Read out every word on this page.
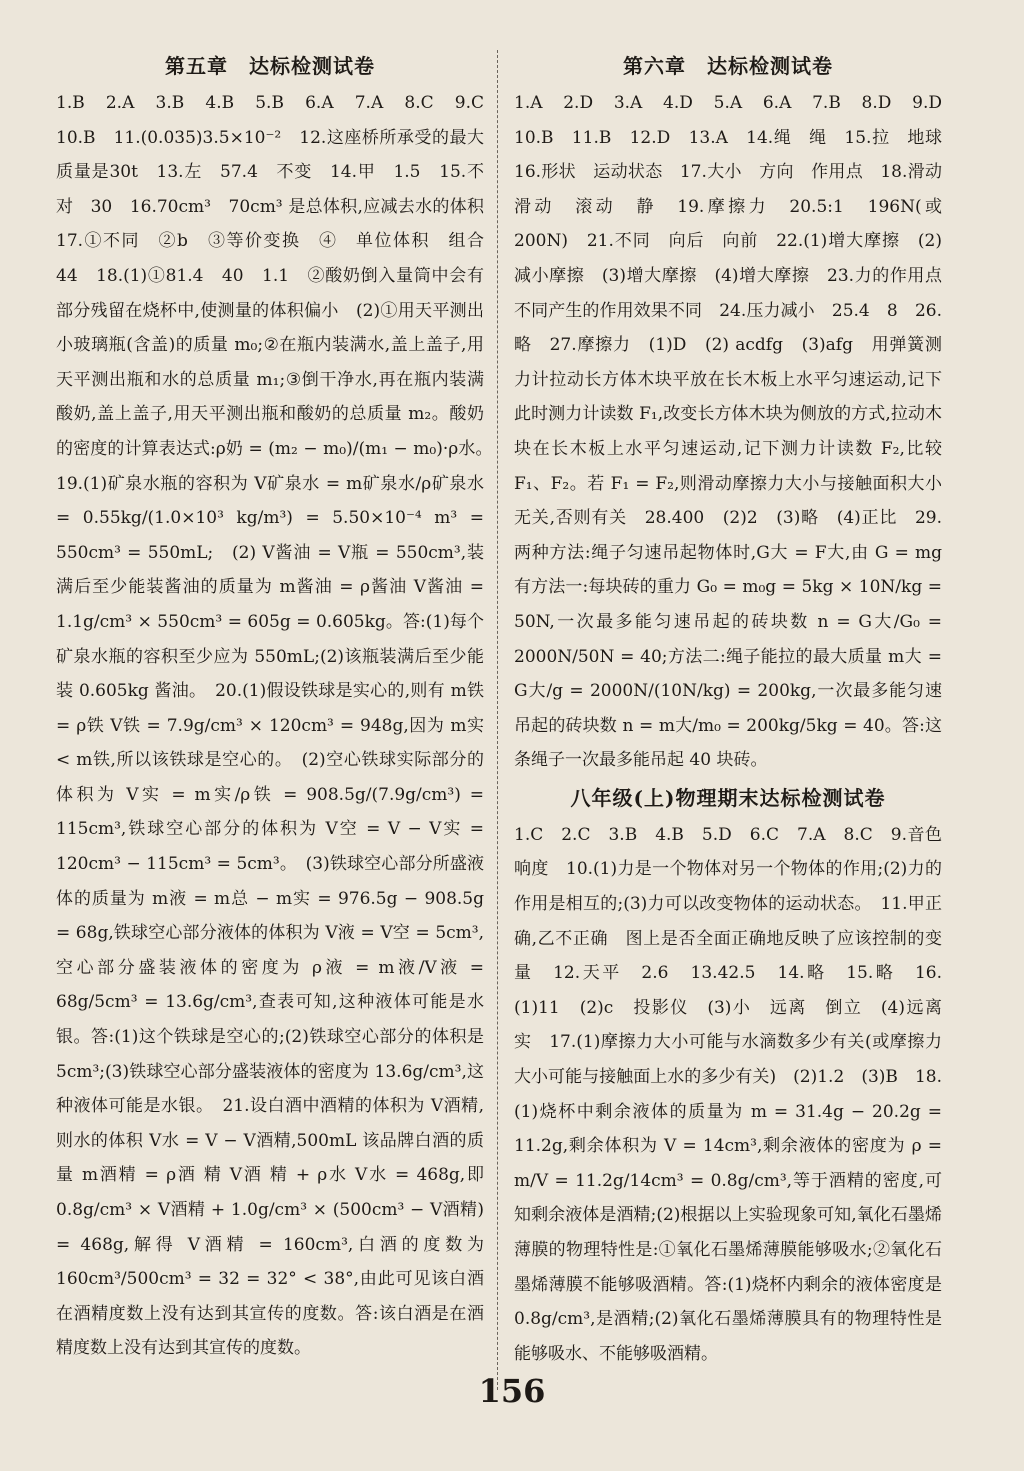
第五章　达标检测试卷

1.B　2.A　3.B　4.B　5.B　6.A　7.A　8.C　9.C　10.B　11.(0.035)3.5×10⁻²　12.这座桥所承受的最大质量是30t　13.左　57.4　不变　14.甲　1.5　15.不对　30　16.70cm³　70cm³ 是总体积,应减去水的体积　17.①不同　②b　③等价变换　④　单位体积　组合　44　18.(1)①81.4　40　1.1　②酸奶倒入量筒中会有部分残留在烧杯中,使测量的体积偏小　(2)①用天平测出小玻璃瓶(含盖)的质量 m₀;②在瓶内装满水,盖上盖子,用天平测出瓶和水的总质量 m₁;③倒干净水,再在瓶内装满酸奶,盖上盖子,用天平测出瓶和酸奶的总质量 m₂。酸奶的密度的计算表达式:ρ奶 = (m₂ − m₀)/(m₁ − m₀)·ρ水。　19.(1)矿泉水瓶的容积为 V矿泉水 = m矿泉水/ρ矿泉水 = 0.55kg/(1.0×10³ kg/m³) = 5.50×10⁻⁴ m³ = 550cm³ = 550mL;　(2) V酱油 = V瓶 = 550cm³,装满后至少能装酱油的质量为 m酱油 = ρ酱油 V酱油 = 1.1g/cm³ × 550cm³ = 605g = 0.605kg。答:(1)每个矿泉水瓶的容积至少应为 550mL;(2)该瓶装满后至少能装 0.605kg 酱油。　20.(1)假设铁球是实心的,则有 m铁 = ρ铁 V铁 = 7.9g/cm³ × 120cm³ = 948g,因为 m实 < m铁,所以该铁球是空心的。　(2)空心铁球实际部分的体积为 V实 = m实/ρ铁 = 908.5g/(7.9g/cm³) = 115cm³,铁球空心部分的体积为 V空 = V − V实 = 120cm³ − 115cm³ = 5cm³。　(3)铁球空心部分所盛液体的质量为 m液 = m总 − m实 = 976.5g − 908.5g = 68g,铁球空心部分液体的体积为 V液 = V空 = 5cm³,空心部分盛装液体的密度为 ρ液 = m液/V液 = 68g/5cm³ = 13.6g/cm³,查表可知,这种液体可能是水银。答:(1)这个铁球是空心的;(2)铁球空心部分的体积是 5cm³;(3)铁球空心部分盛装液体的密度为 13.6g/cm³,这种液体可能是水银。　21.设白酒中酒精的体积为 V酒精,则水的体积 V水 = V − V酒精,500mL 该品牌白酒的质量 m酒精 = ρ酒 精 V酒 精 + ρ水 V水 = 468g,即 0.8g/cm³ × V酒精 + 1.0g/cm³ × (500cm³ − V酒精) = 468g,解得 V酒精 = 160cm³,白酒的度数为 160cm³/500cm³ = 32 = 32° < 38°,由此可见该白酒在酒精度数上没有达到其宣传的度数。答:该白酒是在酒精度数上没有达到其宣传的度数。

第六章　达标检测试卷

1.A　2.D　3.A　4.D　5.A　6.A　7.B　8.D　9.D　10.B　11.B　12.D　13.A　14.绳　绳　15.拉　地球　16.形状　运动状态　17.大小　方向　作用点　18.滑动　滑动　滚动　静　19.摩擦力　20.5:1　196N(或 200N)　21.不同　向后　向前　22.(1)增大摩擦　(2)减小摩擦　(3)增大摩擦　(4)增大摩擦　23.力的作用点不同产生的作用效果不同　24.压力减小　25.4　8　26.略　27.摩擦力　(1)D　(2) acdfg　(3)afg　用弹簧测力计拉动长方体木块平放在长木板上水平匀速运动,记下此时测力计读数 F₁,改变长方体木块为侧放的方式,拉动木块在长木板上水平匀速运动,记下测力计读数 F₂,比较 F₁、F₂。若 F₁ = F₂,则滑动摩擦力大小与接触面积大小无关,否则有关　28.400　(2)2　(3)略　(4)正比　29.两种方法:绳子匀速吊起物体时,G大 = F大,由 G = mg 有方法一:每块砖的重力 G₀ = m₀g = 5kg × 10N/kg = 50N,一次最多能匀速吊起的砖块数 n = G大/G₀ = 2000N/50N = 40;方法二:绳子能拉的最大质量 m大 = G大/g = 2000N/(10N/kg) = 200kg,一次最多能匀速吊起的砖块数 n = m大/m₀ = 200kg/5kg = 40。答:这条绳子一次最多能吊起 40 块砖。

八年级(上)物理期末达标检测试卷

1.C　2.C　3.B　4.B　5.D　6.C　7.A　8.C　9.音色　响度　10.(1)力是一个物体对另一个物体的作用;(2)力的作用是相互的;(3)力可以改变物体的运动状态。　11.甲正确,乙不正确　图上是否全面正确地反映了应该控制的变量　12.天平　2.6　13.42.5　14.略　15.略　16.(1)11　(2)c　投影仪　(3)小　远离　倒立　(4)远离　实　17.(1)摩擦力大小可能与水滴数多少有关(或摩擦力大小可能与接触面上水的多少有关)　(2)1.2　(3)B　18.(1)烧杯中剩余液体的质量为 m = 31.4g − 20.2g = 11.2g,剩余体积为 V = 14cm³,剩余液体的密度为 ρ = m/V = 11.2g/14cm³ = 0.8g/cm³,等于酒精的密度,可知剩余液体是酒精;(2)根据以上实验现象可知,氧化石墨烯薄膜的物理特性是:①氧化石墨烯薄膜能够吸水;②氧化石墨烯薄膜不能够吸酒精。答:(1)烧杯内剩余的液体密度是 0.8g/cm³,是酒精;(2)氧化石墨烯薄膜具有的物理特性是能够吸水、不能够吸酒精。

156
